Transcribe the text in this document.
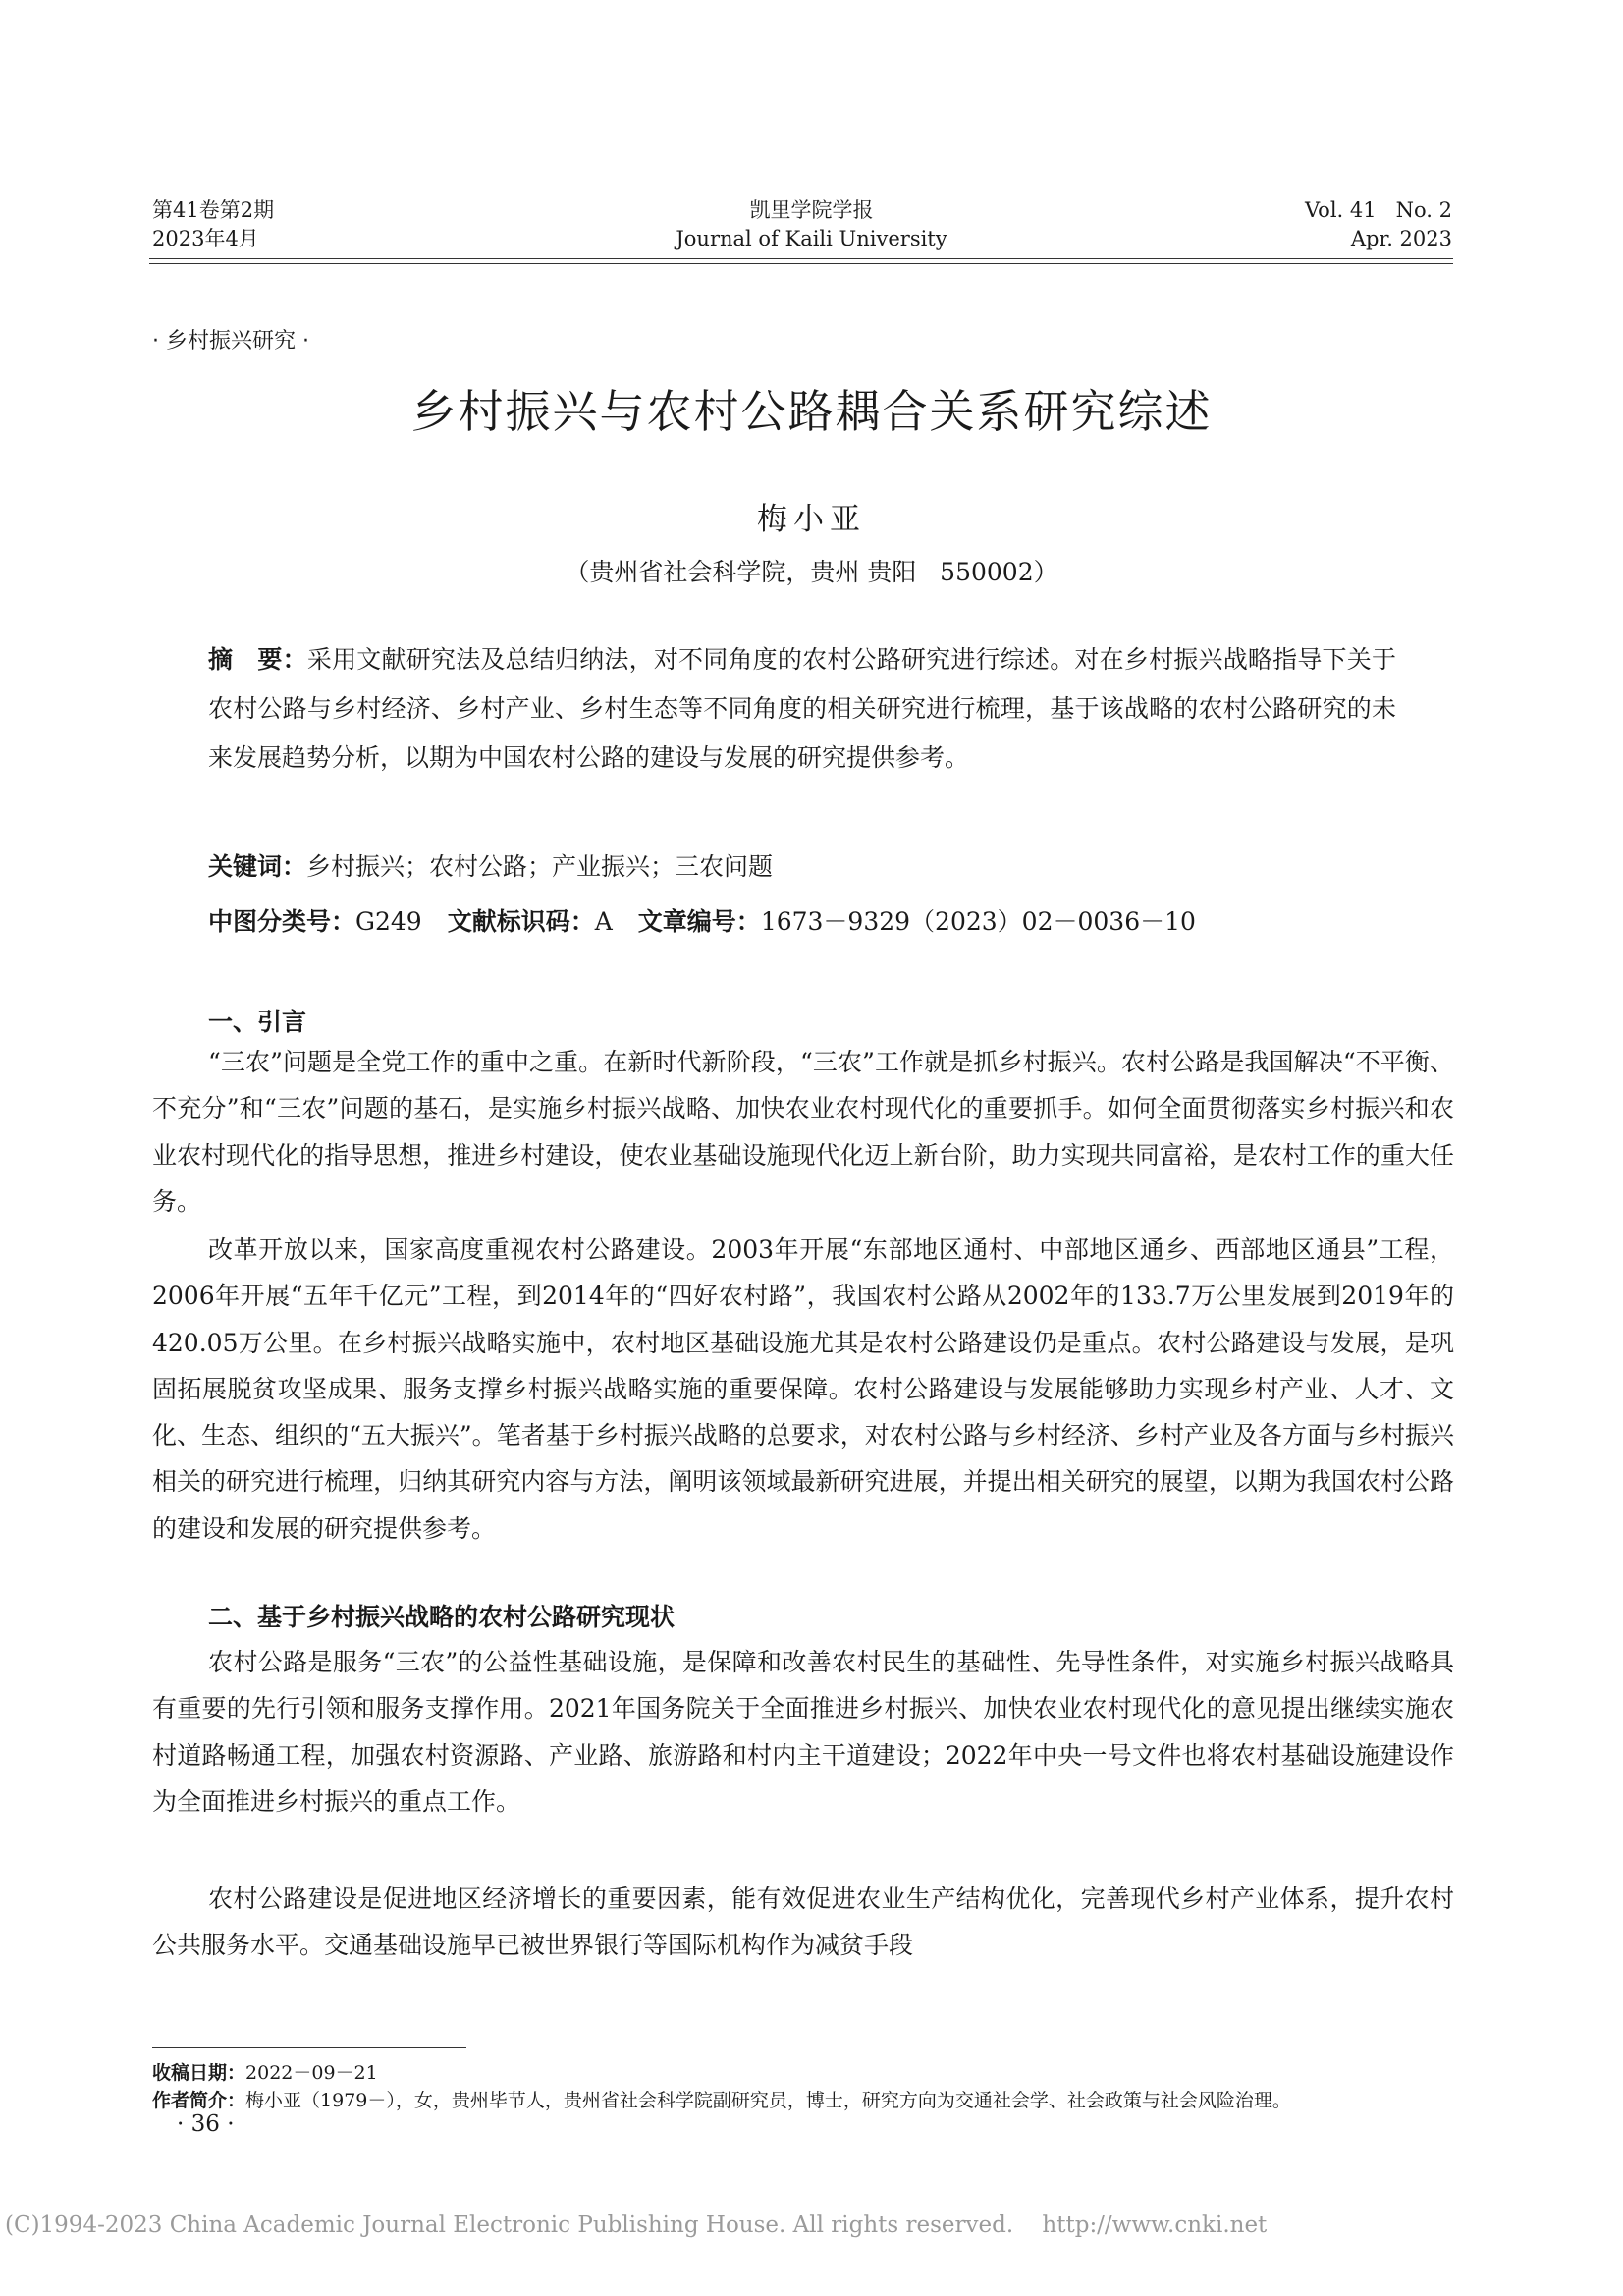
第41卷第2期
2023年4月
凯里学院学报
Journal of Kaili University
Vol. 41   No. 2
Apr. 2023
· 乡村振兴研究 ·
乡村振兴与农村公路耦合关系研究综述
梅小亚
（贵州省社会科学院，贵州 贵阳   550002）
摘　要：采用文献研究法及总结归纳法，对不同角度的农村公路研究进行综述。对在乡村振兴战略指导下关于农村公路与乡村经济、乡村产业、乡村生态等不同角度的相关研究进行梳理，基于该战略的农村公路研究的未来发展趋势分析，以期为中国农村公路的建设与发展的研究提供参考。
关键词：乡村振兴；农村公路；产业振兴；三农问题
中图分类号：G249 文献标识码：A 文章编号：1673－9329（2023）02－0036－10
一、引言
“三农”问题是全党工作的重中之重。在新时代新阶段，“三农”工作就是抓乡村振兴。农村公路是我国解决“不平衡、不充分”和“三农”问题的基石，是实施乡村振兴战略、加快农业农村现代化的重要抓手。如何全面贯彻落实乡村振兴和农业农村现代化的指导思想，推进乡村建设，使农业基础设施现代化迈上新台阶，助力实现共同富裕，是农村工作的重大任务。
改革开放以来，国家高度重视农村公路建设。2003年开展“东部地区通村、中部地区通乡、西部地区通县”工程，2006年开展“五年千亿元”工程，到2014年的“四好农村路”，我国农村公路从2002年的133.7万公里发展到2019年的420.05万公里。在乡村振兴战略实施中，农村地区基础设施尤其是农村公路建设仍是重点。农村公路建设与发展，是巩固拓展脱贫攻坚成果、服务支撑乡村振兴战略实施的重要保障。农村公路建设与发展能够助力实现乡村产业、人才、文化、生态、组织的“五大振兴”。笔者基于乡村振兴战略的总要求，对农村公路与乡村经济、乡村产业及各方面与乡村振兴相关的研究进行梳理，归纳其研究内容与方法，阐明该领域最新研究进展，并提出相关研究的展望，以期为我国农村公路的建设和发展的研究提供参考。
二、基于乡村振兴战略的农村公路研究现状
农村公路是服务“三农”的公益性基础设施，是保障和改善农村民生的基础性、先导性条件，对实施乡村振兴战略具有重要的先行引领和服务支撑作用。2021年国务院关于全面推进乡村振兴、加快农业农村现代化的意见提出继续实施农村道路畅通工程，加强农村资源路、产业路、旅游路和村内主干道建设；2022年中央一号文件也将农村基础设施建设作为全面推进乡村振兴的重点工作。
农村公路建设是促进地区经济增长的重要因素，能有效促进农业生产结构优化，完善现代乡村产业体系，提升农村公共服务水平。交通基础设施早已被世界银行等国际机构作为减贫手段
收稿日期：2022－09－21
作者简介：梅小亚（1979－），女，贵州毕节人，贵州省社会科学院副研究员，博士，研究方向为交通社会学、社会政策与社会风险治理。
· 36 ·
(C)1994-2023 China Academic Journal Electronic Publishing House. All rights reserved.    http://www.cnki.net
